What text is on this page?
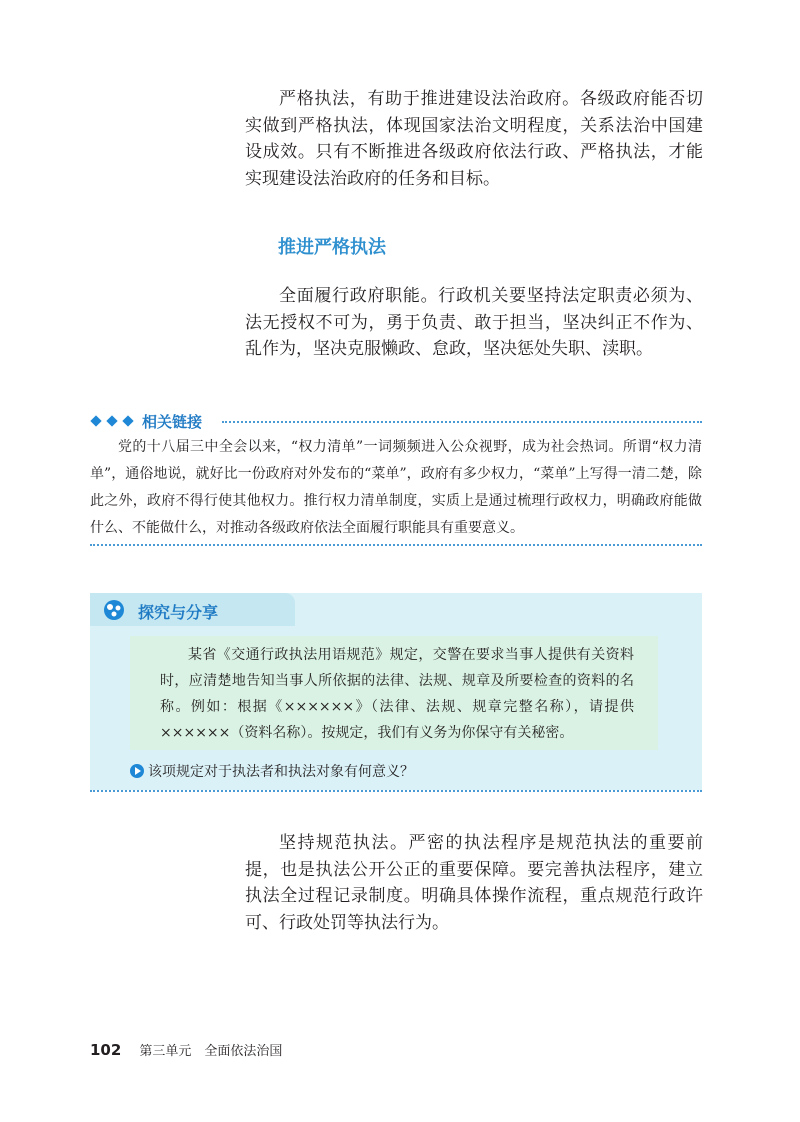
严格执法，有助于推进建设法治政府。各级政府能否切实做到严格执法，体现国家法治文明程度，关系法治中国建设成效。只有不断推进各级政府依法行政、严格执法，才能实现建设法治政府的任务和目标。

推进严格执法

全面履行政府职能。行政机关要坚持法定职责必须为、法无授权不可为，勇于负责、敢于担当，坚决纠正不作为、乱作为，坚决克服懒政、怠政，坚决惩处失职、渎职。

相关链接

党的十八届三中全会以来，“权力清单”一词频频进入公众视野，成为社会热词。所谓“权力清单”，通俗地说，就好比一份政府对外发布的“菜单”，政府有多少权力，“菜单”上写得一清二楚，除此之外，政府不得行使其他权力。推行权力清单制度，实质上是通过梳理行政权力，明确政府能做什么、不能做什么，对推动各级政府依法全面履行职能具有重要意义。

探究与分享

某省《交通行政执法用语规范》规定，交警在要求当事人提供有关资料时，应清楚地告知当事人所依据的法律、法规、规章及所要检查的资料的名称。例如：根据《××××××》（法律、法规、规章完整名称），请提供××××××（资料名称）。按规定，我们有义务为你保守有关秘密。

该项规定对于执法者和执法对象有何意义？

坚持规范执法。严密的执法程序是规范执法的重要前提，也是执法公开公正的重要保障。要完善执法程序，建立执法全过程记录制度。明确具体操作流程，重点规范行政许可、行政处罚等执法行为。

102 第三单元　全面依法治国
